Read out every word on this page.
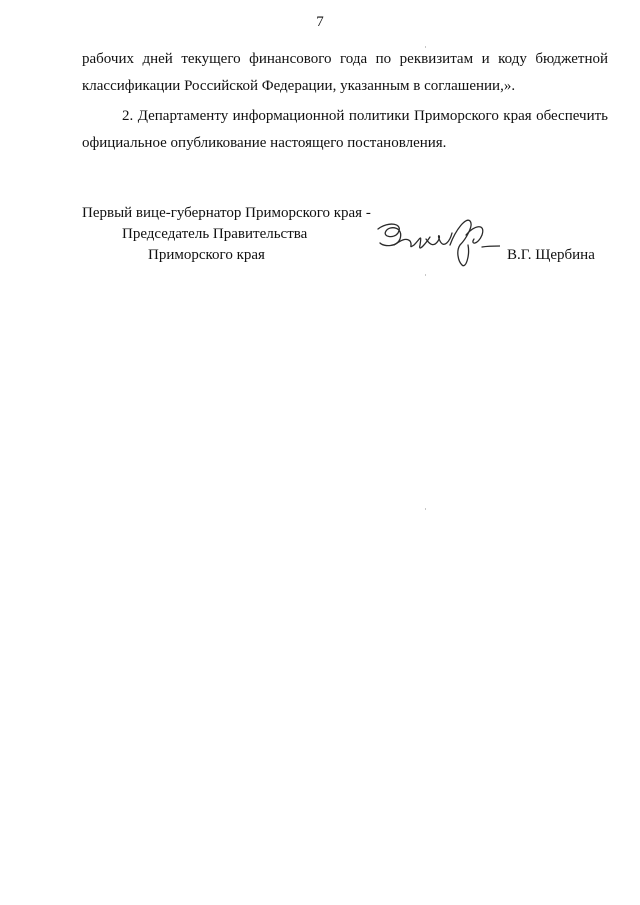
7

рабочих дней текущего финансового года по реквизитам и коду бюджетной классификации Российской Федерации, указанным в соглашении,».

2. Департаменту информационной политики Приморского края обеспечить официальное опубликование настоящего постановления.

Первый вице-губернатор Приморского края -
Председатель Правительства
Приморского края	В.Г. Щербина
